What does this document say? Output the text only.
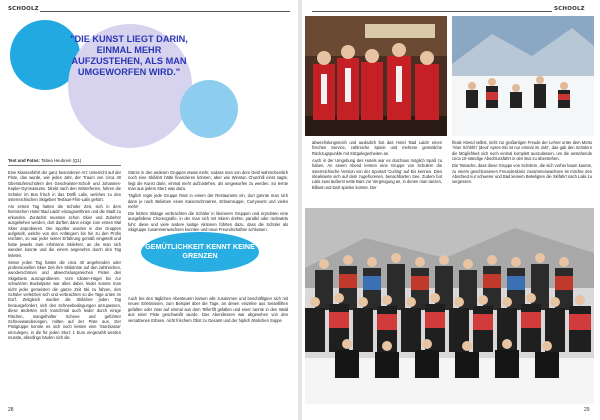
SCHOOLZ
"DIE KUNST LIEGT DARIN, EINMAL MEHR AUFZUSTEHEN, ALS MAN UMGEWORFEN WIRD."
Text und Fotos: Tabea Heubrein (Q1)

Eine Klassenfahrt der ganz besonderen Art: Unterricht auf der Piste, das wurde, wie jedes Jahr, der Traum von circa 40 Oberstufenschülern des Geschwister-Scholl- und Johannes-Kepler-Gymnasiums. Direkt nach den Winterferien, fuhren die Schüler im Bus frisch in das Dörfli Lalis, welches zu den österreichischen Skigebiet Tesfaun-Flim-Lalis gehört.

Am ersten Tag hatten die Schüler Zeit, sich in dem heimischen Hotel 'Bad Laids' einzugewöhnen und die Stadt zu erkunden. Zunächst mussten schon Skier und Zubehör ausgeliehen werden, dort durften dann einige zum ersten Mal Skier anprobieren. Die Sportler wurden in drei Gruppen aufgeteilt, welche von den Anfängern bis hin zu den Profis reichten, so war jeder seiner Erfahrung gemäß eingeteilt und hatte jeweils zwei erfahrene Skilehrer, an die man sich wenden konnte und die einem angenehm durch den Tag leiteten.

Sesse jeden Tag hatten die circa 40 angehenden oder professionellen Skier Zeit ihre Skikünste auf den zahlreichen, wunderschönen und abwechslungsreichen Pisten des Skigebiets auszuprobieren. Vom Idioten-Hügel bis zur schwarzen Buckelpiste war alles dabei, leider konnte man nicht jeder gemeisten die ganze Zeit Ski zu fahren, den Schüler verletzten sich und verbrachten so die Tage unten im Dorf. Zeitgleich wurden die Skifahrer jeden Tag herausgefordert, sich den Schneebedingungen anzupassen, diese änderten sich manchmal auch leider durch einige Flächen, mangelhafter Schnee und geführter Schneewanderungen, mitten auf der Piste aus. Der Pistigruppe konnte es sich noch leisten eine 'Sturzkasse' einzulegen, in die für jeden Sturz 1 Euro eingezahlt werden musste, allerdings häufen sich die

Stürze in den anderen Gruppen etwas mehr, sodass man von dem Geld wahrscheinlich noch eine Skifahrt hätte finanzieren können; aber wie Winston Churchill einst sagte, liegt die Kunst darin, einmal mehr aufzustehen, als umgeworfen zu werden. So lernte man aus jedem Sturz was dazu.

Täglich regte jede Gruppe Rast in einem der Restaurants ein, dort gönnte man sich dann je nach Belieben einen Kaiserschmarren, Erbsensuppe, Currywurst und vieles mehr!

Die letzten Skitage verbrachten die Schüler in kleineren Gruppen und erprobten eine ausgefallene Choreografie, in der man sich mit Skiern drehte, parallel oder rückwärts fuhr; diese und viele andere lustige Aktionen führten dazu, dass die Schüler als Skigruppe zusammenwachsen konnten und neue Freundschaften schlossen.

GEMÜTLICHKEIT KENNT KEINE GRENZEN

Auch bei den täglichen Abenteuern kamen alle zusammen und beschäftigten sich mit neuen Erlebnissen, zum Beispiel über die Tage, an denen einzelne aus Seiseilliften gefallen oder zwei auf einmal aus dem Tellerlift gefallen und einer rannte in den Wald aus einer Piste geschweißt wurde. Das Abendessen war abgesehen von den versalzenen Erbsen, nicht frischem Obst zu Gesamt und der hiplich ähnlichen Suppe

28
SCHOOLZ

abwechslungsreich und ausladich bot das Hotel 'Bad Laids' einen frischen Service, zahlreiche Spiele und mehrere gemütliche Rückzugspunkte mit Sitzgelegenheiten an.

Auch in der Umgebung des Hotels war es durchaus möglich Spaß zu haben. An einem Abend lernten eine Gruppe von Schülern die österreichische Version von der Sportart 'Curling' auf Eis kennen. Dies Idealisierte sich auf dem zugefrorenen, benachbarten See. Zudem bot Lalis zwei äußerst nette Bars zur Vergnügung an, in denen man tanzen, Billard und Dart spielen konnte. Der

finale Abend selbst, nicht zur großartigen Freude der Lehrer unter dem Motto 'Aber Schhhh' (deut' Apres-Ski ist nur einmal im Jahr', das gab den Schülern die Möglichkeit sich noch einmal komplett auszulassen, um die anstehende circa 10-stündige Abschlussfahrt in den Bus zu überstehen.

Die Tatsache, dass diese Gruppe von Schülern, die sich vorher kaum kannte, zu einem geschlossenen Freundeskreis zusammenwachsen ist möchte den Abschied nur schwerer und Bad keinem Beteiligten die Skifahrt nach Lalis zu vergessen.

29
